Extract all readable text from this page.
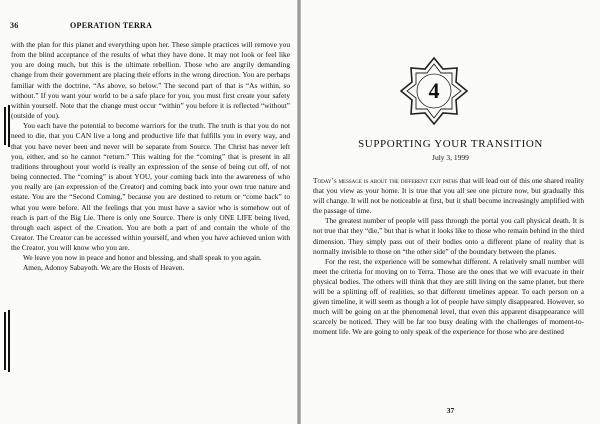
36	OPERATION TERRA

with the plan for this planet and everything upon her. These simple practices will remove you from the blind acceptance of the results of what they have done. It may not look or feel like you are doing much, but this is the ultimate rebellion. Those who are angrily demanding change from their government are placing their efforts in the wrong direction. You are perhaps familiar with the doctrine, “As above, so below.” The second part of that is “As within, so without.” If you want your world to be a safe place for you, you must first create your safety within yourself. Note that the change must occur “within” you before it is reflected “without” (outside of you).

You each have the potential to become warriors for the truth. The truth is that you do not need to die, that you CAN live a long and productive life that fulfills you in every way, and that you have never been and never will be separate from Source. The Christ has never left you, either, and so he cannot “return.” This waiting for the “coming” that is present in all traditions throughout your world is really an expression of the sense of being cut off, of not being connected. The “coming” is about YOU, your coming back into the awareness of who you really are (an expression of the Creator) and coming back into your own true nature and estate. You are the “Second Coming,” because you are destined to return or “come back” to what you were before. All the feelings that you must have a savior who is somehow out of reach is part of the Big Lie. There is only one Source. There is only ONE LIFE being lived, through each aspect of the Creation. You are both a part of and contain the whole of the Creator. The Creator can be accessed within yourself, and when you have achieved union with the Creator, you will know who you are.

We leave you now in peace and honor and blessing, and shall speak to you again.

Amen, Adonoy Sabayoth. We are the Hosts of Heaven.

4
SUPPORTING YOUR TRANSITION
July 3, 1999

Today’s message is about the different exit paths that will lead out of this one shared reality that you view as your home. It is true that you all see one picture now, but gradually this will change. It will not be noticeable at first, but it shall become increasingly amplified with the passage of time.

The greatest number of people will pass through the portal you call physical death. It is not true that they “die,” but that is what it looks like to those who remain behind in the third dimension. They simply pass out of their bodies onto a different plane of reality that is normally invisible to those on “the other side” of the boundary between the planes.

For the rest, the experience will be somewhat different. A relatively small number will meet the criteria for moving on to Terra. Those are the ones that we will evacuate in their physical bodies. The others will think that they are still living on the same planet, but there will be a splitting off of realities, so that different timelines appear. To each person on a given timeline, it will seem as though a lot of people have simply disappeared. However, so much will be going on at the phenomenal level, that even this apparent disappearance will scarcely be noticed. They will be far too busy dealing with the challenges of moment-to-moment life. We are going to only speak of the experience for those who are destined

37
